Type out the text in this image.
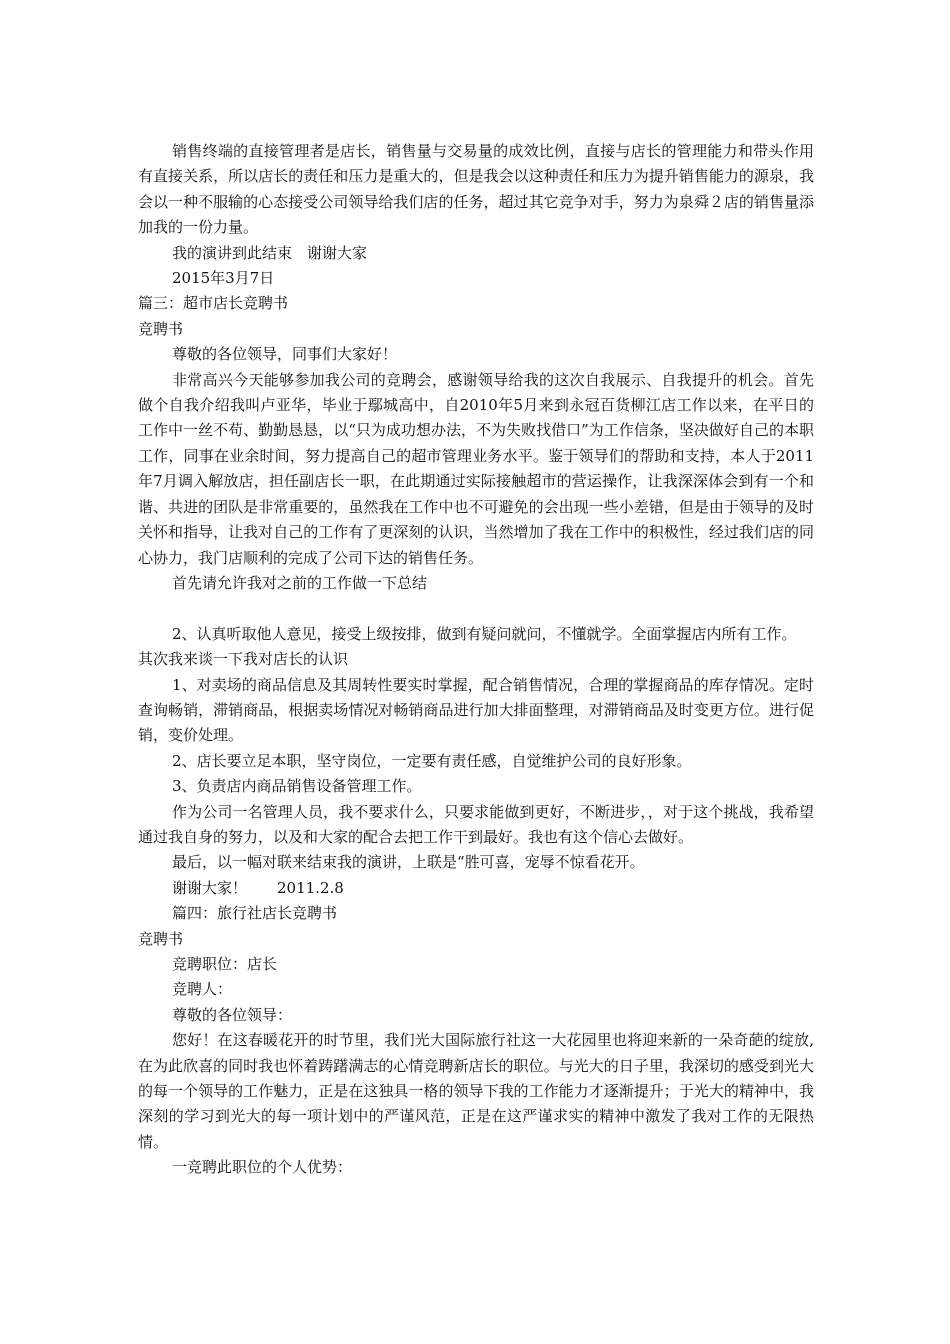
销售终端的直接管理者是店长，销售量与交易量的成效比例，直接与店长的管理能力和带头作用有直接关系，所以店长的责任和压力是重大的，但是我会以这种责任和压力为提升销售能力的源泉，我会以一种不服输的心态接受公司领导给我们店的任务，超过其它竞争对手，努力为泉舜２店的销售量添加我的一份力量。

我的演讲到此结束　谢谢大家

2015年3月7日

篇三：超市店长竞聘书

竞聘书

尊敬的各位领导，同事们大家好！

非常高兴今天能够参加我公司的竞聘会，感谢领导给我的这次自我展示、自我提升的机会。首先做个自我介绍我叫卢亚华，毕业于鄢城高中，自2010年5月来到永冠百货柳江店工作以来，在平日的工作中一丝不苟、勤勤恳恳，以“只为成功想办法，不为失败找借口”为工作信条，坚决做好自己的本职工作，同事在业余时间，努力提高自己的超市管理业务水平。鉴于领导们的帮助和支持，本人于2011年7月调入解放店，担任副店长一职，在此期通过实际接触超市的营运操作，让我深深体会到有一个和谐、共进的团队是非常重要的，虽然我在工作中也不可避免的会出现一些小差错，但是由于领导的及时关怀和指导，让我对自己的工作有了更深刻的认识，当然增加了我在工作中的积极性，经过我们店的同心协力，我门店顺利的完成了公司下达的销售任务。

首先请允许我对之前的工作做一下总结

2、认真听取他人意见，接受上级按排，做到有疑问就问，不懂就学。全面掌握店内所有工作。

其次我来谈一下我对店长的认识

1、对卖场的商品信息及其周转性要实时掌握，配合销售情况，合理的掌握商品的库存情况。定时查询畅销，滞销商品，根据卖场情况对畅销商品进行加大排面整理，对滞销商品及时变更方位。进行促销，变价处理。

2、店长要立足本职，坚守岗位，一定要有责任感，自觉维护公司的良好形象。

3、负责店内商品销售设备管理工作。

作为公司一名管理人员，我不要求什么，只要求能做到更好，不断进步，，对于这个挑战，我希望通过我自身的努力，以及和大家的配合去把工作干到最好。我也有这个信心去做好。

最后，以一幅对联来结束我的演讲，上联是“胜可喜，宠辱不惊看花开。

谢谢大家！　　2011.2.8

篇四：旅行社店长竞聘书

竞聘书

竞聘职位：店长

竞聘人：

尊敬的各位领导：

您好！在这春暖花开的时节里，我们光大国际旅行社这一大花园里也将迎来新的一朵奇葩的绽放,在为此欣喜的同时我也怀着踌躇满志的心情竞聘新店长的职位。与光大的日子里，我深切的感受到光大的每一个领导的工作魅力，正是在这独具一格的领导下我的工作能力才逐渐提升；于光大的精神中，我深刻的学习到光大的每一项计划中的严谨风范，正是在这严谨求实的精神中激发了我对工作的无限热情。

一竞聘此职位的个人优势：
